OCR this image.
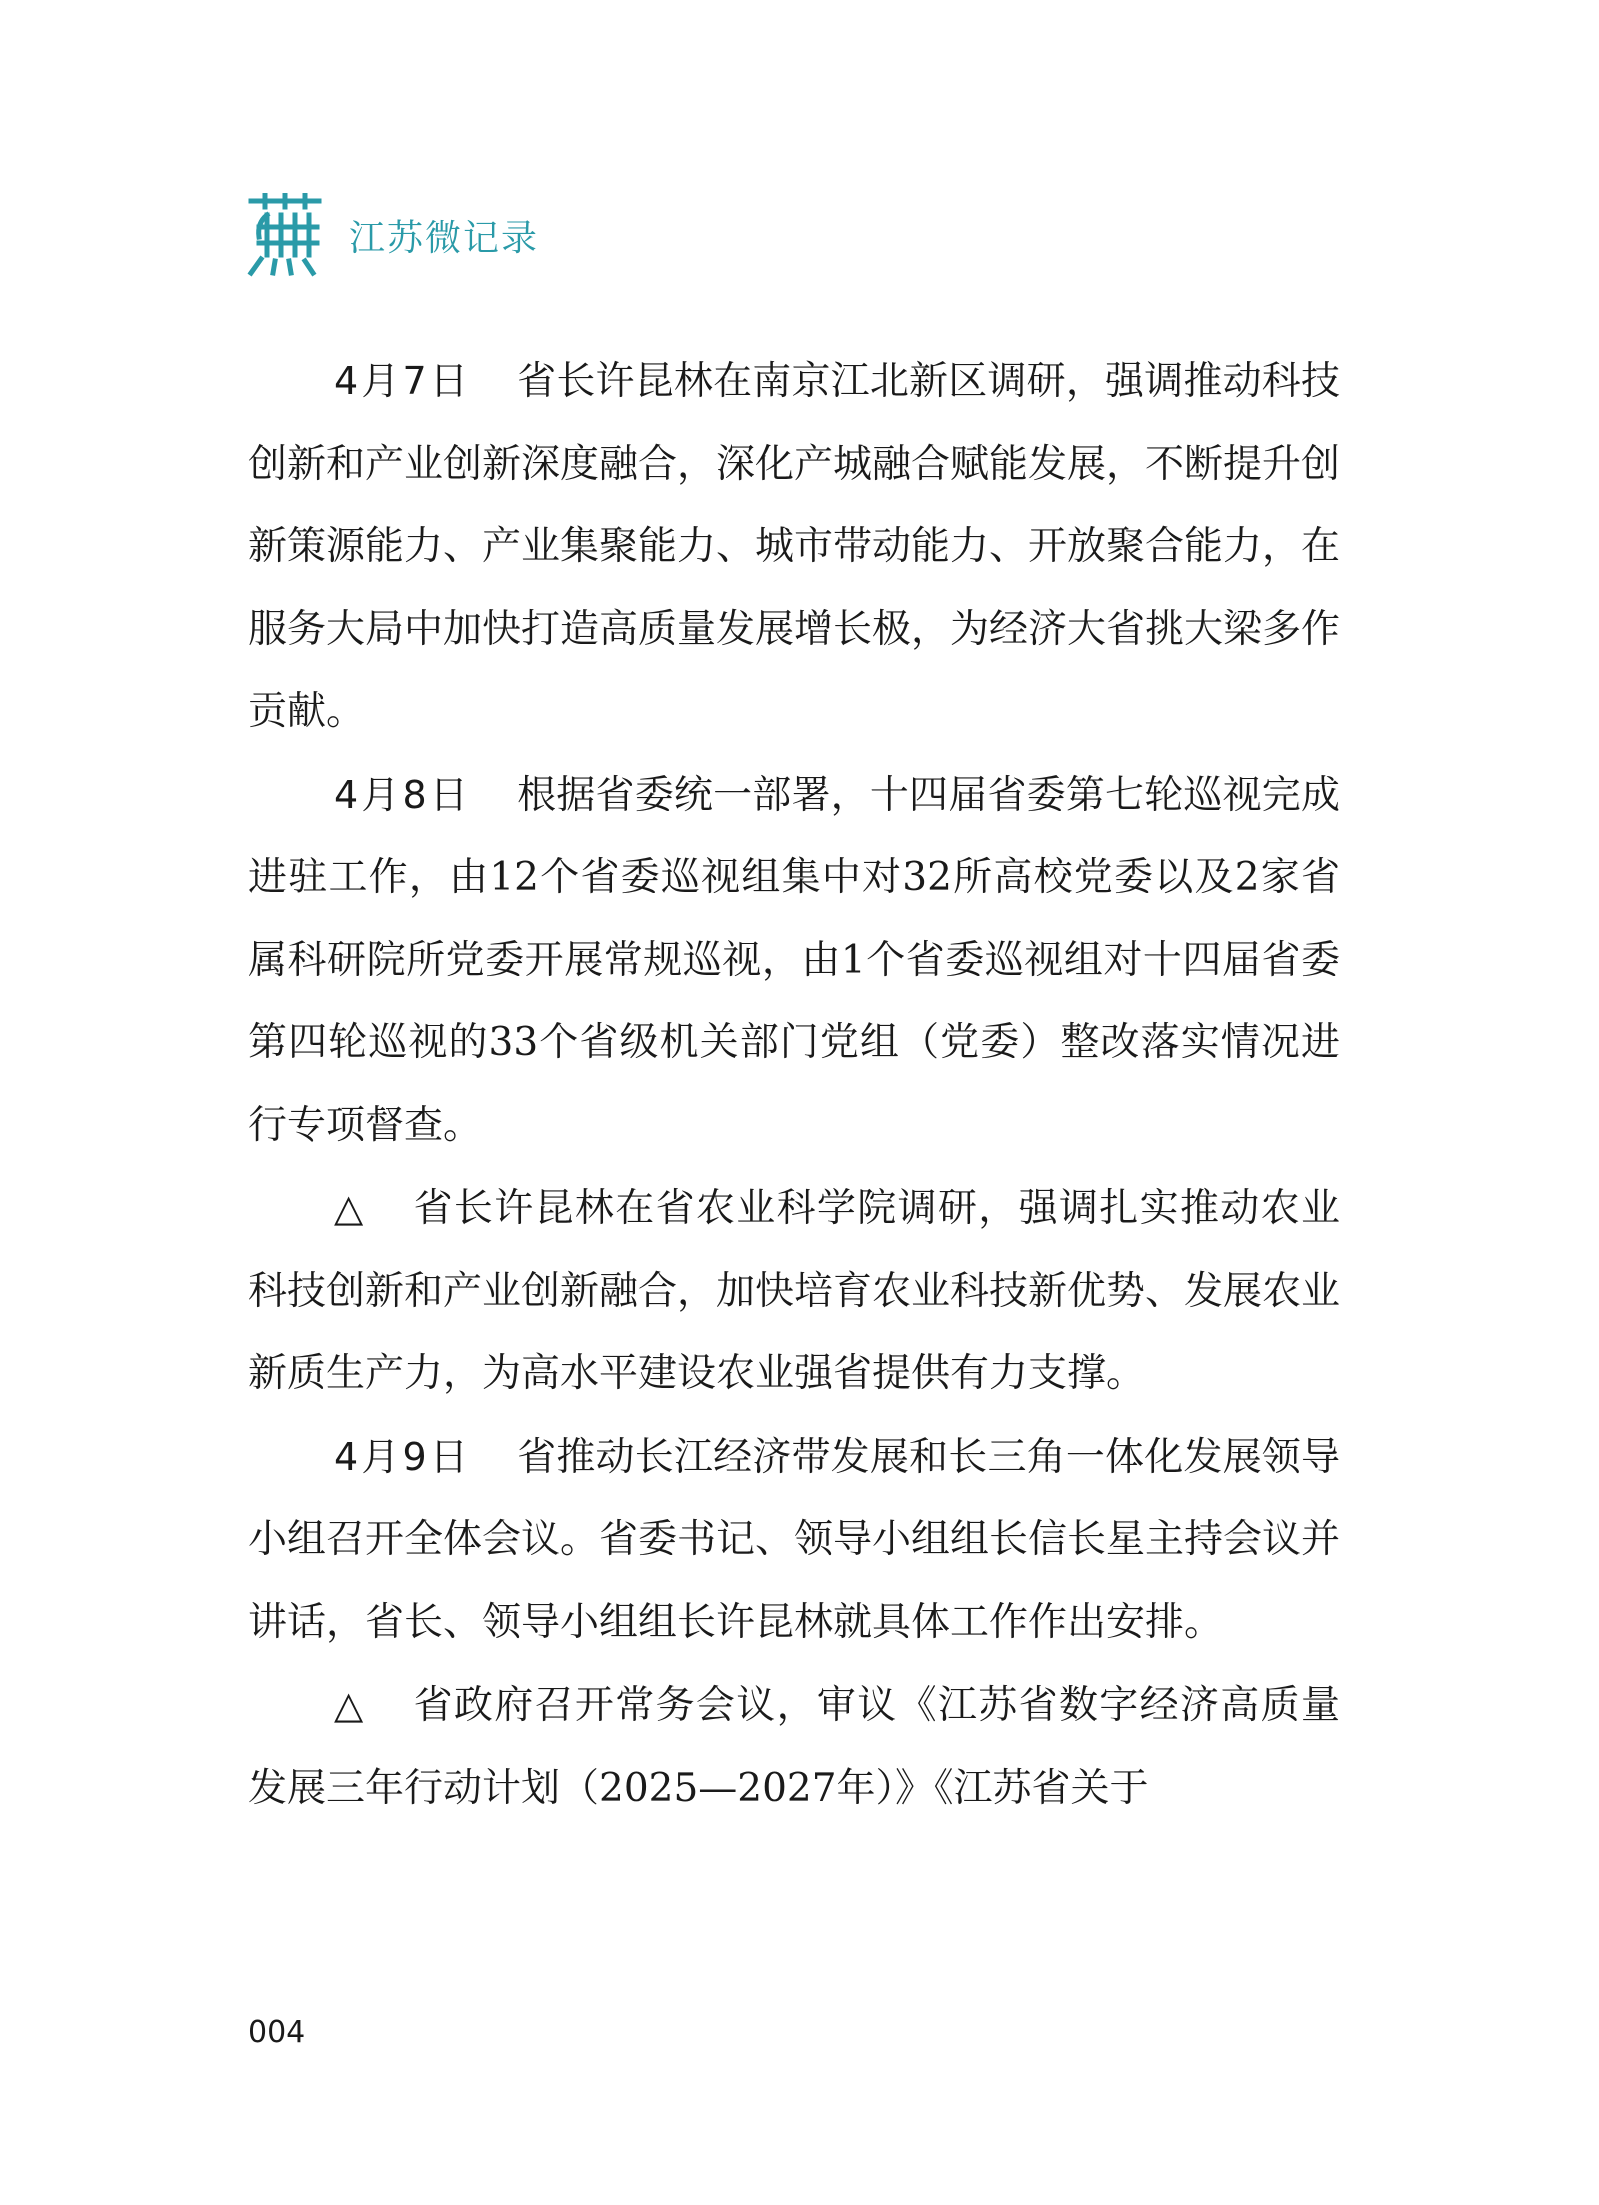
江苏微记录

4月7日 省长许昆林在南京江北新区调研，强调推动科技创新和产业创新深度融合，深化产城融合赋能发展，不断提升创新策源能力、产业集聚能力、城市带动能力、开放聚合能力，在服务大局中加快打造高质量发展增长极，为经济大省挑大梁多作贡献。

4月8日 根据省委统一部署，十四届省委第七轮巡视完成进驻工作，由12个省委巡视组集中对32所高校党委以及2家省属科研院所党委开展常规巡视，由1个省委巡视组对十四届省委第四轮巡视的33个省级机关部门党组（党委）整改落实情况进行专项督查。

△ 省长许昆林在省农业科学院调研，强调扎实推动农业科技创新和产业创新融合，加快培育农业科技新优势、发展农业新质生产力，为高水平建设农业强省提供有力支撑。

4月9日 省推动长江经济带发展和长三角一体化发展领导小组召开全体会议。省委书记、领导小组组长信长星主持会议并讲话，省长、领导小组组长许昆林就具体工作作出安排。

△ 省政府召开常务会议，审议《江苏省数字经济高质量发展三年行动计划（2025—2027年）》《江苏省关于

004
